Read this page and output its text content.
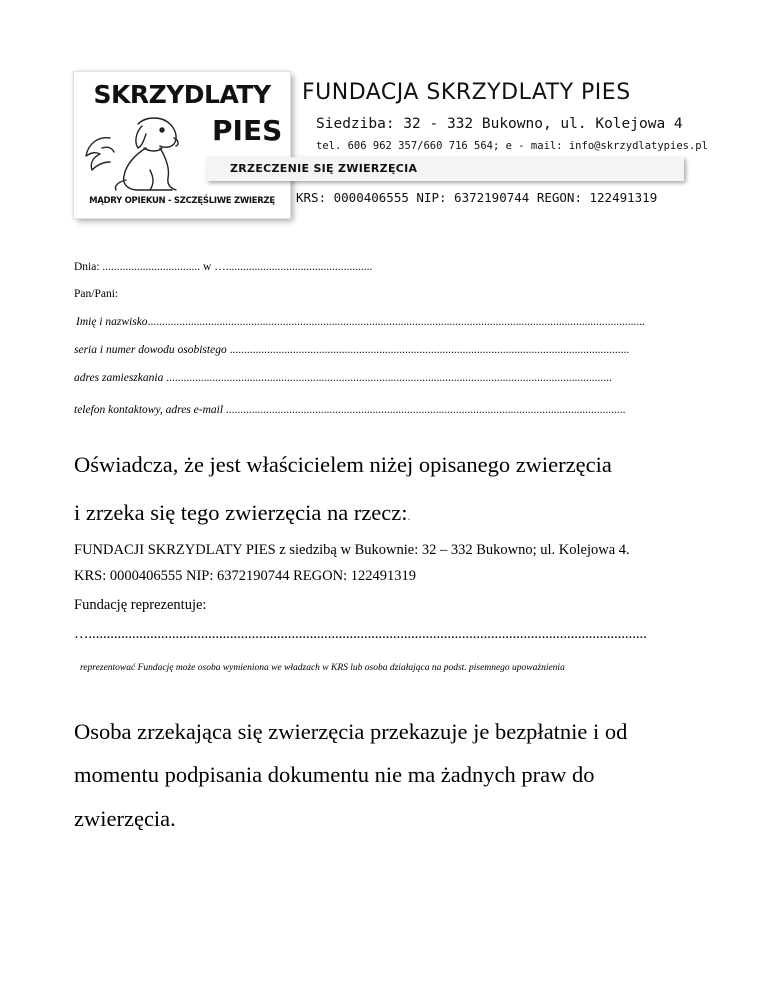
SKRZYDLATY
PIES
MĄDRY OPIEKUN - SZCZĘŚLIWE ZWIERZĘ
FUNDACJA SKRZYDLATY PIES
Siedziba: 32 - 332 Bukowno, ul. Kolejowa 4
tel. 606 962 357/660 716 564; e - mail: info@skrzydlatypies.pl
ZRZECZENIE SIĘ ZWIERZĘCIA
KRS: 0000406555 NIP: 6372190744 REGON: 122491319
Dnia: .................................. w …...................................................
Pan/Pani:
Imię i nazwisko.............................................................................................................................................................................
seria i numer dowodu osobistego ...........................................................................................................................................
adres zamieszkania ...........................................................................................................................................................
telefon kontaktowy, adres e-mail ...........................................................................................................................................
Oświadcza, że jest właścicielem niżej opisanego zwierzęcia
i zrzeka się tego zwierzęcia na rzecz:.
FUNDACJI SKRZYDLATY PIES z siedzibą w Bukownie: 32 – 332 Bukowno; ul. Kolejowa 4.
KRS: 0000406555 NIP: 6372190744 REGON: 122491319
Fundację reprezentuje:
…..........................................................................................................................................................
reprezentować Fundację może osoba wymieniona we władzach w KRS lub osoba działająca na podst. pisemnego upoważnienia
Osoba zrzekająca się zwierzęcia przekazuje je bezpłatnie i od
momentu podpisania dokumentu nie ma żadnych praw do
zwierzęcia.
